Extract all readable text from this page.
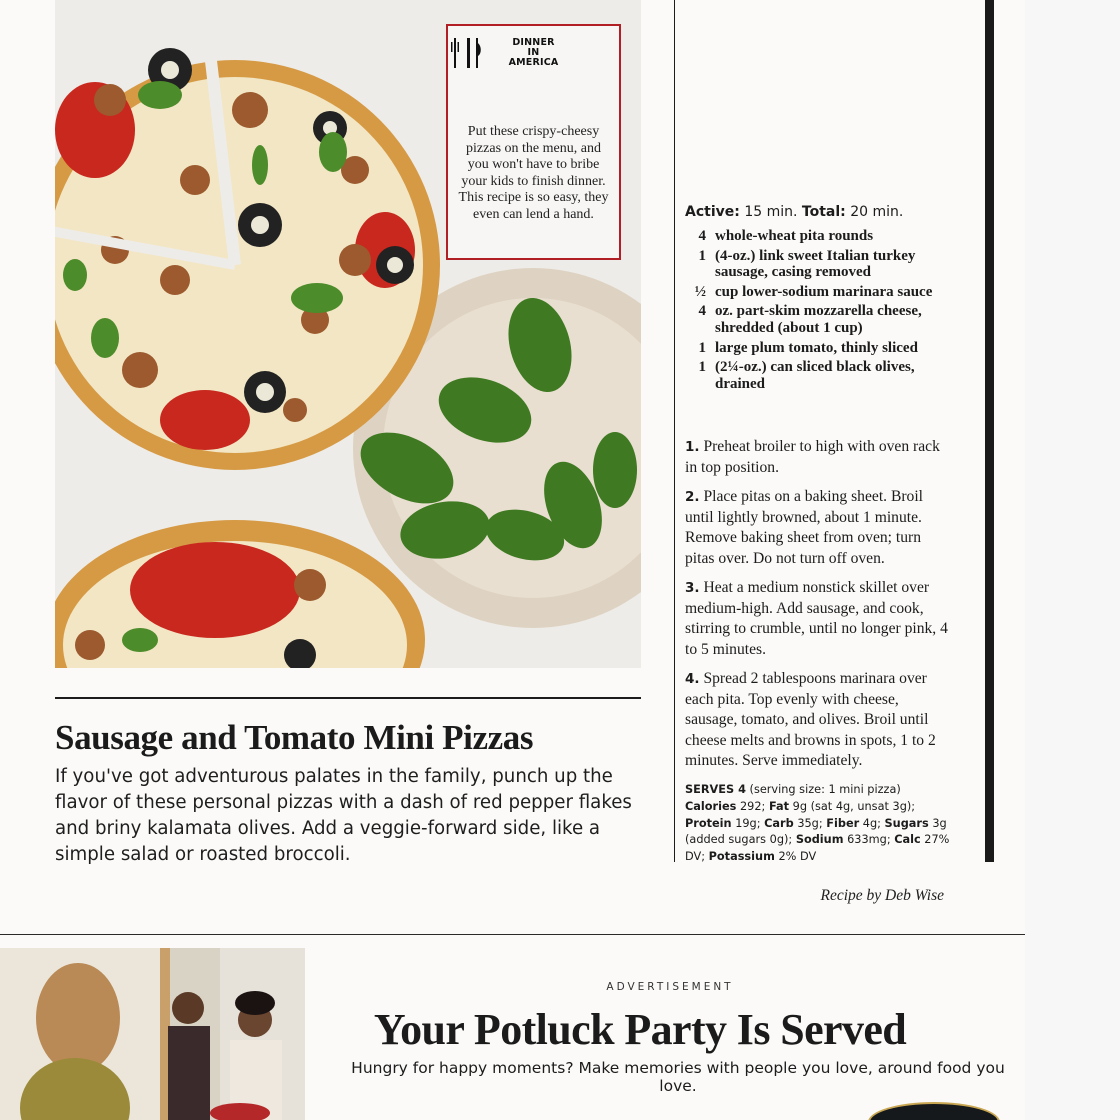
DINNER
IN
AMERICA
Put these crispy-cheesy pizzas on the menu, and you won't have to bribe your kids to finish dinner. This recipe is so easy, they even can lend a hand.
Sausage and Tomato Mini Pizzas

If you've got adventurous palates in the family, punch up the flavor of these personal pizzas with a dash of red pepper flakes and briny kalamata olives. Add a veggie-forward side, like a simple salad or roasted broccoli.

Active: 15 min. Total: 20 min.
4 whole-wheat pita rounds
1 (4-oz.) link sweet Italian turkey sausage, casing removed
½ cup lower-sodium marinara sauce
4 oz. part-skim mozzarella cheese, shredded (about 1 cup)
1 large plum tomato, thinly sliced
1 (2¼-oz.) can sliced black olives, drained

1. Preheat broiler to high with oven rack in top position.

2. Place pitas on a baking sheet. Broil until lightly browned, about 1 minute. Remove baking sheet from oven; turn pitas over. Do not turn off oven.

3. Heat a medium nonstick skillet over medium-high. Add sausage, and cook, stirring to crumble, until no longer pink, 4 to 5 minutes.

4. Spread 2 tablespoons marinara over each pita. Top evenly with cheese, sausage, tomato, and olives. Broil until cheese melts and browns in spots, 1 to 2 minutes. Serve immediately.

SERVES 4 (serving size: 1 mini pizza) Calories 292; Fat 9g (sat 4g, unsat 3g); Protein 19g; Carb 35g; Fiber 4g; Sugars 3g (added sugars 0g); Sodium 633mg; Calc 27% DV; Potassium 2% DV
Recipe by Deb Wise
ADVERTISEMENT
Your Potluck Party Is Served
Hungry for happy moments? Make memories with people you love, around food you love.
